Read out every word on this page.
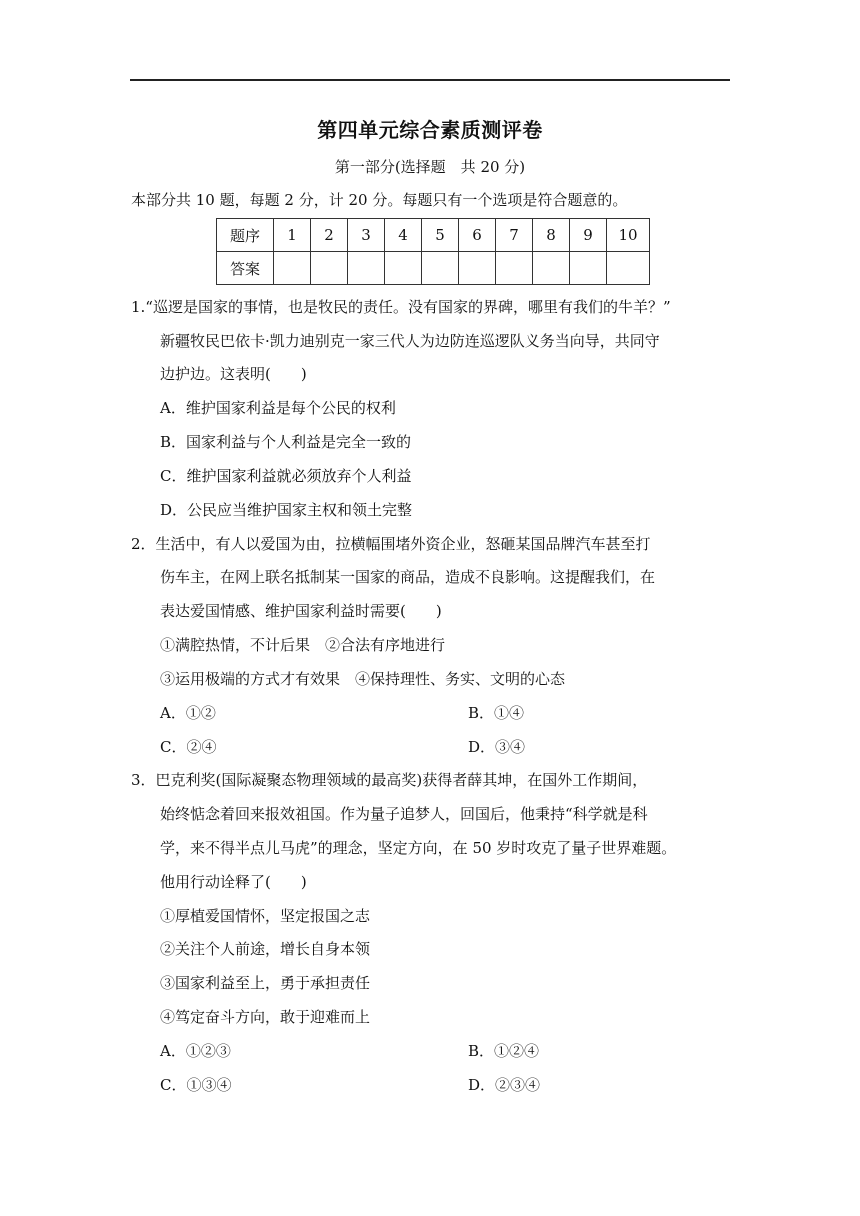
第四单元综合素质测评卷
第一部分(选择题　共 20 分)
本部分共 10 题，每题 2 分，计 20 分。每题只有一个选项是符合题意的。
题序	1	2	3	4	5	6	7	8	9	10
答案										
1.“巡逻是国家的事情，也是牧民的责任。没有国家的界碑，哪里有我们的牛羊？”
新疆牧民巴依卡·凯力迪别克一家三代人为边防连巡逻队义务当向导，共同守
边护边。这表明(　　)
A．维护国家利益是每个公民的权利
B．国家利益与个人利益是完全一致的
C．维护国家利益就必须放弃个人利益
D．公民应当维护国家主权和领土完整
2．生活中，有人以爱国为由，拉横幅围堵外资企业，怒砸某国品牌汽车甚至打
伤车主，在网上联名抵制某一国家的商品，造成不良影响。这提醒我们，在
表达爱国情感、维护国家利益时需要(　　)
①满腔热情，不计后果　②合法有序地进行
③运用极端的方式才有效果　④保持理性、务实、文明的心态
A．①②	B．①④
C．②④	D．③④
3．巴克利奖(国际凝聚态物理领域的最高奖)获得者薛其坤，在国外工作期间，
始终惦念着回来报效祖国。作为量子追梦人，回国后，他秉持“科学就是科
学，来不得半点儿马虎”的理念，坚定方向，在 50 岁时攻克了量子世界难题。
他用行动诠释了(　　)
①厚植爱国情怀，坚定报国之志
②关注个人前途，增长自身本领
③国家利益至上，勇于承担责任
④笃定奋斗方向，敢于迎难而上
A．①②③	B．①②④
C．①③④	D．②③④
